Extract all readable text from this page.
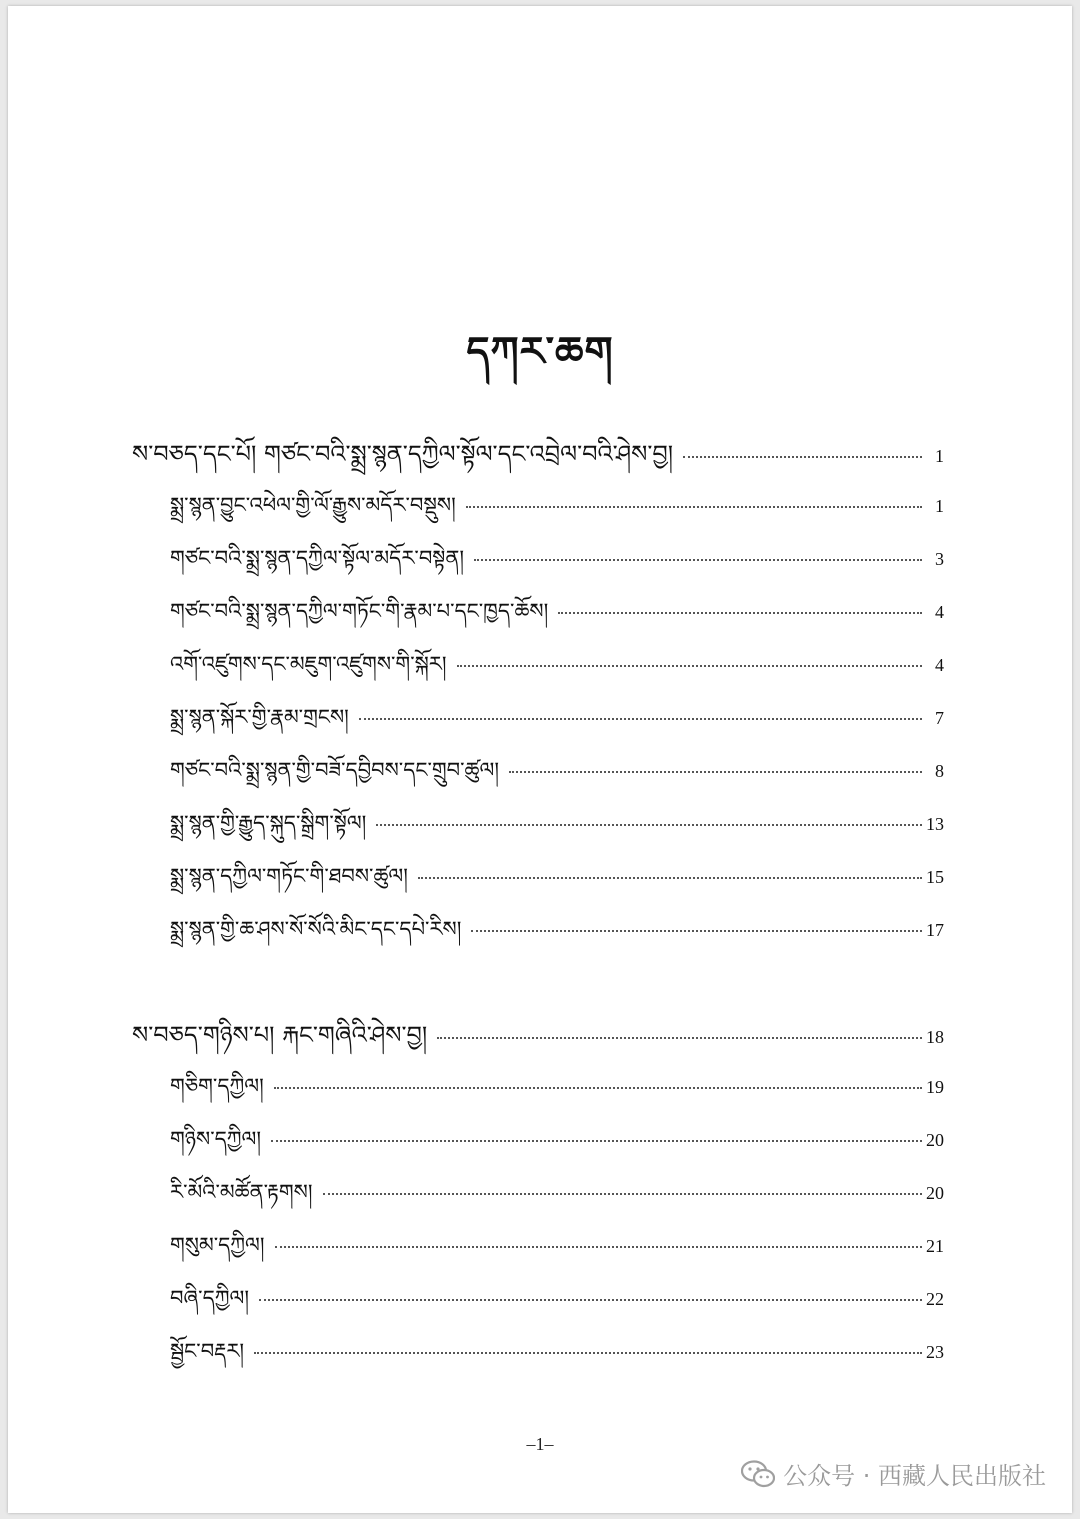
དཀར་ཆག
ས་བཅད་དང་པོ། གཙང་བའི་སྨྲ་སྙན་དཀྱིལ་སྟོལ་དང་འབྲེལ་བའི་ཤེས་བྱ།	1
སྨྲ་སྙན་བྱུང་འཕེལ་གྱི་ལོ་རྒྱུས་མདོར་བསྡུས།	1
གཙང་བའི་སྨྲ་སྙན་དཀྱིལ་སྟོལ་མདོར་བསྟེན།	3
གཙང་བའི་སྨྲ་སྙན་དཀྱིལ་གཏོང་གི་རྣམ་པ་དང་ཁྱད་ཆོས།	4
འགོ་འཛུགས་དང་མཇུག་འཛུགས་གི་སྐོར།	4
སྨྲ་སྙན་སྐོར་གྱི་རྣམ་གྲངས།	7
གཙང་བའི་སྨྲ་སྙན་གྱི་བཟོ་དབྱིབས་དང་གྲུབ་ཚུལ།	8
སྨྲ་སྙན་གྱི་རྒྱུད་སྐུད་སྒྲིག་སྟོལ།	13
སྨྲ་སྙན་དཀྱིལ་གཏོང་གི་ཐབས་ཚུལ།	15
སྨྲ་སྙན་གྱི་ཆ་ཤས་སོ་སོའི་མིང་དང་དཔེ་རིས།	17
ས་བཅད་གཉིས་པ། རྐང་གཞིའི་ཤེས་བྱ།	18
གཅིག་དཀྱིལ།	19
གཉིས་དཀྱིལ།	20
རི་མོའི་མཚོན་རྟགས།	20
གསུམ་དཀྱིལ།	21
བཞི་དཀྱིལ།	22
སྦྱོང་བརྡར།	23
–1–
公众号 · 西藏人民出版社
